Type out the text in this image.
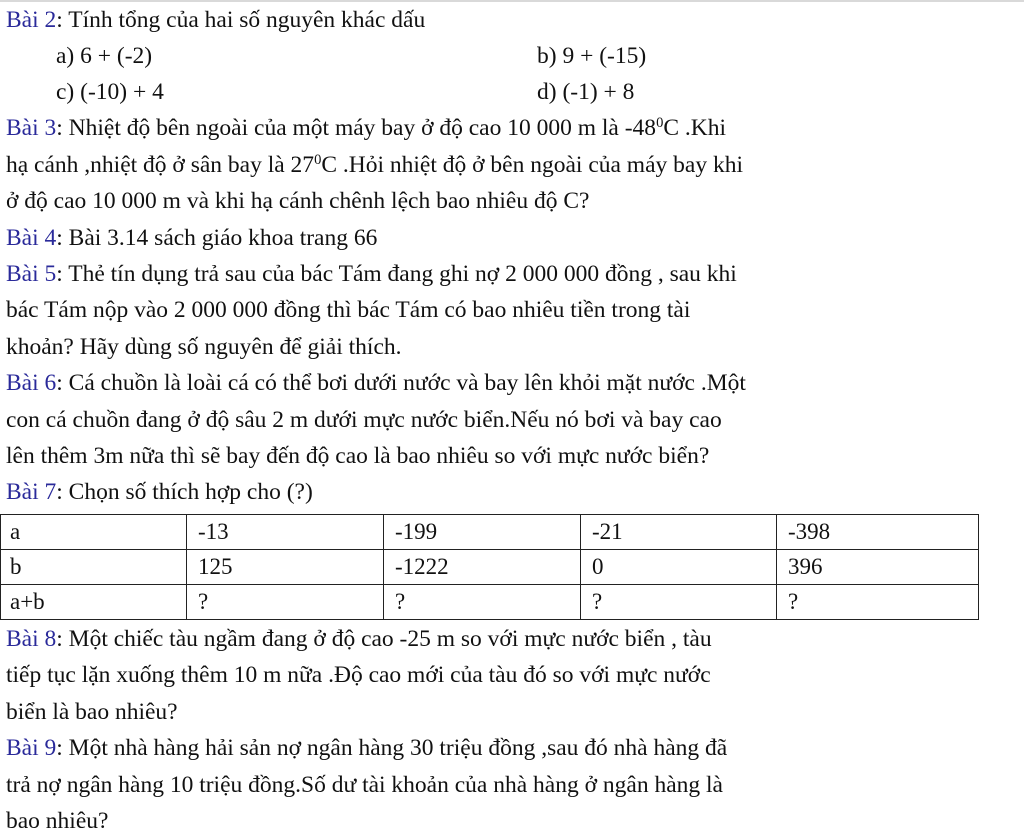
Bài 2: Tính tổng của hai số nguyên khác dấu

a) 6 + (-2)	b) 9 + (-15)
c) (-10) + 4	d) (-1) + 8

Bài 3: Nhiệt độ bên ngoài của một máy bay ở độ cao 10 000 m là $-48^0C$ .Khi

hạ cánh ,nhiệt độ ở sân bay là $27^0C$ .Hỏi nhiệt độ ở bên ngoài của máy bay khi

ở độ cao 10 000 m và khi hạ cánh chênh lệch bao nhiêu độ C?

Bài 4: Bài 3.14 sách giáo khoa trang 66

Bài 5: Thẻ tín dụng trả sau của bác Tám đang ghi nợ 2 000 000 đồng , sau khi

bác Tám nộp vào 2 000 000 đồng thì bác Tám có bao nhiêu tiền trong tài

khoản? Hãy dùng số nguyên để giải thích.

Bài 6: Cá chuồn là loài cá có thể bơi dưới nước và bay lên khỏi mặt nước .Một

con cá chuồn đang ở độ sâu 2 m dưới mực nước biển.Nếu nó bơi và bay cao

lên thêm 3m nữa thì sẽ bay đến độ cao là bao nhiêu so với mực nước biển?

Bài 7: Chọn số thích hợp cho (?)

a	-13	-199	-21	-398
b	125	-1222	0	396
a+b	?	?	?	?

Bài 8: Một chiếc tàu ngầm đang ở độ cao -25 m so với mực nước biển , tàu

tiếp tục lặn xuống thêm 10 m nữa .Độ cao mới của tàu đó so với mực nước

biển là bao nhiêu?

Bài 9: Một nhà hàng hải sản nợ ngân hàng 30 triệu đồng ,sau đó nhà hàng đã

trả nợ ngân hàng 10 triệu đồng.Số dư tài khoản của nhà hàng ở ngân hàng là

bao nhiêu?
